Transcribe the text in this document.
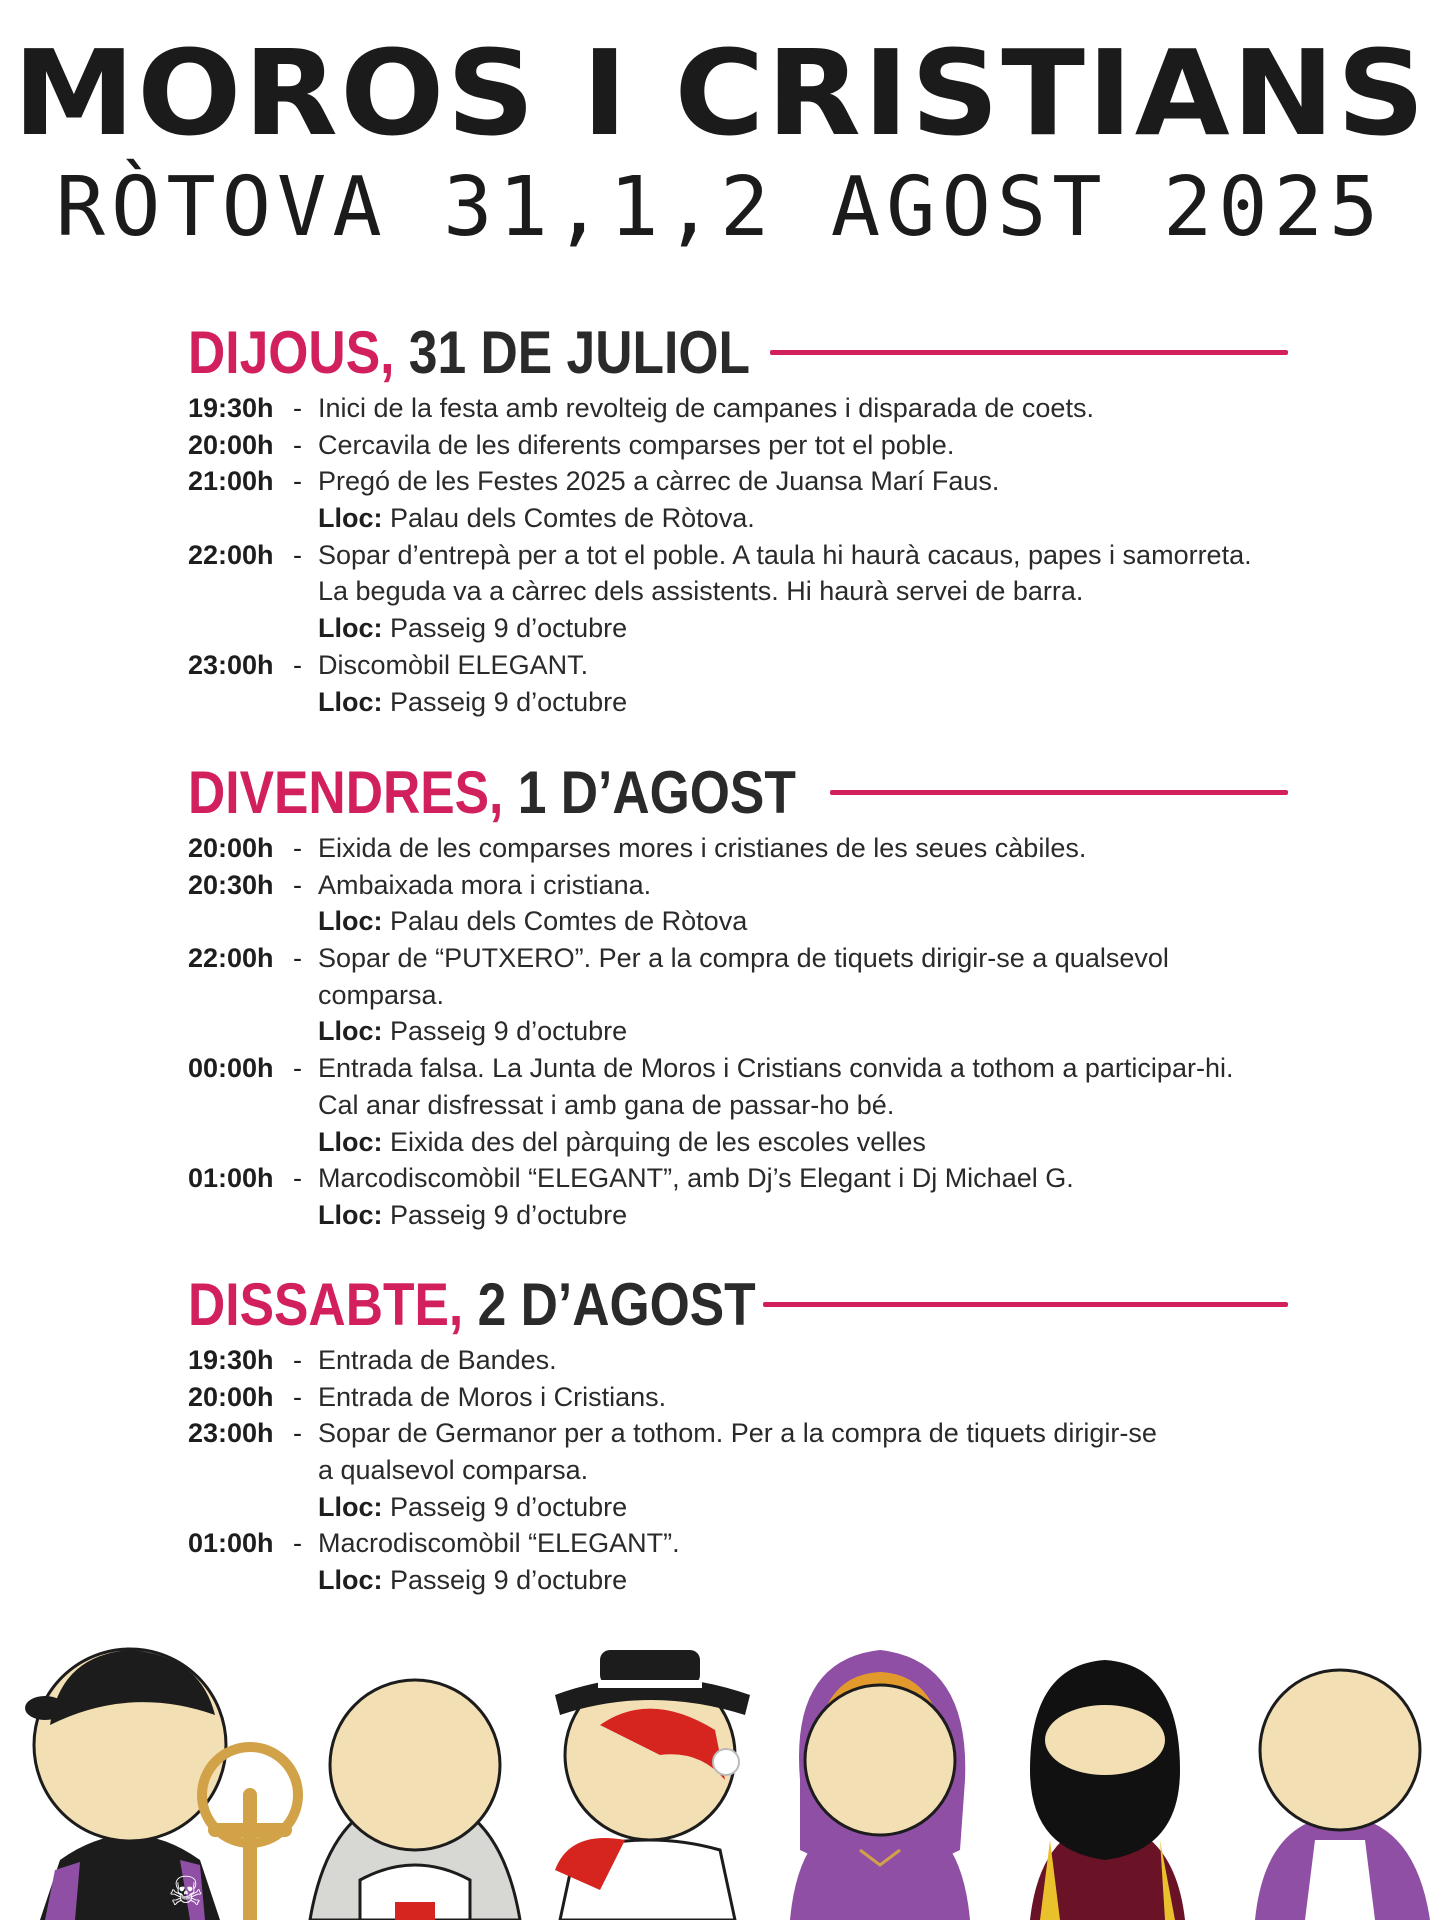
MOROS I CRISTIANS
RÒTOVA 31,1,2 AGOST 2025
DIJOUS, 31 DE JULIOL
19:30h - Inici de la festa amb revolteig de campanes i disparada de coets.
20:00h - Cercavila de les diferents comparses per tot el poble.
21:00h - Pregó de les Festes 2025 a càrrec de Juansa Marí Faus.
Lloc: Palau dels Comtes de Ròtova.
22:00h - Sopar d’entrepà per a tot el poble. A taula hi haurà cacaus, papes i samorreta.
La beguda va a càrrec dels assistents. Hi haurà servei de barra.
Lloc: Passeig 9 d’octubre
23:00h - Discomòbil ELEGANT.
Lloc: Passeig 9 d’octubre
DIVENDRES, 1 D’AGOST
20:00h - Eixida de les comparses mores i cristianes de les seues càbiles.
20:30h - Ambaixada mora i cristiana.
Lloc: Palau dels Comtes de Ròtova
22:00h - Sopar de “PUTXERO”. Per a la compra de tiquets dirigir-se a qualsevol
comparsa.
Lloc: Passeig 9 d’octubre
00:00h - Entrada falsa. La Junta de Moros i Cristians convida a tothom a participar-hi.
Cal anar disfressat i amb gana de passar-ho bé.
Lloc: Eixida des del pàrquing de les escoles velles
01:00h - Marcodiscomòbil “ELEGANT”, amb Dj’s Elegant i Dj Michael G.
Lloc: Passeig 9 d’octubre
DISSABTE, 2 D’AGOST
19:30h - Entrada de Bandes.
20:00h - Entrada de Moros i Cristians.
23:00h - Sopar de Germanor per a tothom. Per a la compra de tiquets dirigir-se
a qualsevol comparsa.
Lloc: Passeig 9 d’octubre
01:00h - Macrodiscomòbil “ELEGANT”.
Lloc: Passeig 9 d’octubre
☠
